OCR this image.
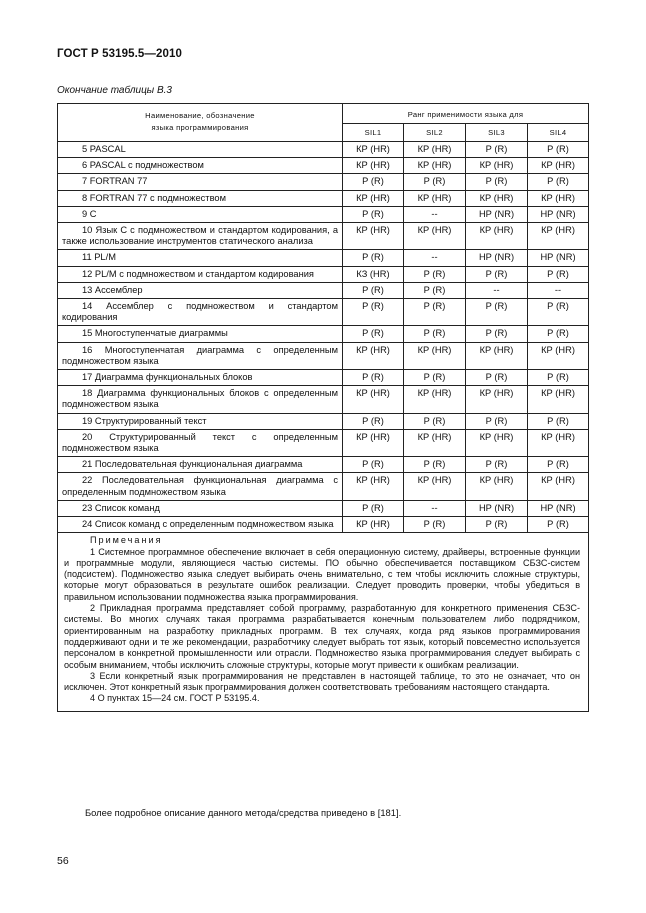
ГОСТ Р 53195.5—2010
Окончание таблицы В.3
Наименование, обозначение
языка программирования	Ранг применимости языка для			
	SIL1	SIL2	SIL3	SIL4
5 PASCAL	КР (HR)	КР (HR)	Р (R)	Р (R)
6 PASCAL с подмножеством	КР (HR)	КР (HR)	КР (HR)	КР (HR)
7 FORTRAN 77	Р (R)	Р (R)	Р (R)	Р (R)
8 FORTRAN 77 с подмножеством	КР (HR)	КР (HR)	КР (HR)	КР (HR)
9 С	Р (R)	--	НР (NR)	НР (NR)
10 Язык С с подмножеством и стандартом кодирования, а также использование инструментов статического анализа	КР (HR)	КР (HR)	КР (HR)	КР (HR)
11 PL/M	Р (R)	--	НР (NR)	НР (NR)
12 PL/M с подмножеством и стандартом кодирования	КЗ (HR)	Р (R)	Р (R)	Р (R)
13 Ассемблер	Р (R)	Р (R)	--	--
14 Ассемблер с подмножеством и стандартом кодирования	Р (R)	Р (R)	Р (R)	Р (R)
15 Многоступенчатые диаграммы	Р (R)	Р (R)	Р (R)	Р (R)
16 Многоступенчатая диаграмма с определенным подмножеством языка	КР (HR)	КР (HR)	КР (HR)	КР (HR)
17 Диаграмма функциональных блоков	Р (R)	Р (R)	Р (R)	Р (R)
18 Диаграмма функциональных блоков с определенным подмножеством языка	КР (HR)	КР (HR)	КР (HR)	КР (HR)
19 Структурированный текст	Р (R)	Р (R)	Р (R)	Р (R)
20 Структурированный текст с определенным подмножеством языка	КР (HR)	КР (HR)	КР (HR)	КР (HR)
21 Последовательная функциональная диаграмма	Р (R)	Р (R)	Р (R)	Р (R)
22 Последовательная функциональная диаграмма с определенным подмножеством языка	КР (HR)	КР (HR)	КР (HR)	КР (HR)
23 Список команд	Р (R)	--	НР (NR)	НР (NR)
24 Список команд с определенным подмножеством языка	КР (HR)	Р (R)	Р (R)	Р (R)

Примечания

1 Системное программное обеспечение включает в себя операционную систему, драйверы, встроенные функции и программные модули, являющиеся частью системы. ПО обычно обеспечивается поставщиком СБЗС-систем (подсистем). Подмножество языка следует выбирать очень внимательно, с тем чтобы исключить сложные структуры, которые могут образоваться в результате ошибок реализации. Следует проводить проверки, чтобы убедиться в правильном использовании подмножества языка программирования.

2 Прикладная программа представляет собой программу, разработанную для конкретного применения СБЗС-системы. Во многих случаях такая программа разрабатывается конечным пользователем либо подрядчиком, ориентированным на разработку прикладных программ. В тех случаях, когда ряд языков программирования поддерживают одни и те же рекомендации, разработчику следует выбрать тот язык, который повсеместно используется персоналом в конкретной промышленности или отрасли. Подмножество языка программирования следует выбирать с особым вниманием, чтобы исключить сложные структуры, которые могут привести к ошибкам реализации.

3 Если конкретный язык программирования не представлен в настоящей таблице, то это не означает, что он исключен. Этот конкретный язык программирования должен соответствовать требованиям настоящего стандарта.

4 О пунктах 15—24 см. ГОСТ Р 53195.4.				

Более подробное описание данного метода/средства приведено в [181].
56
